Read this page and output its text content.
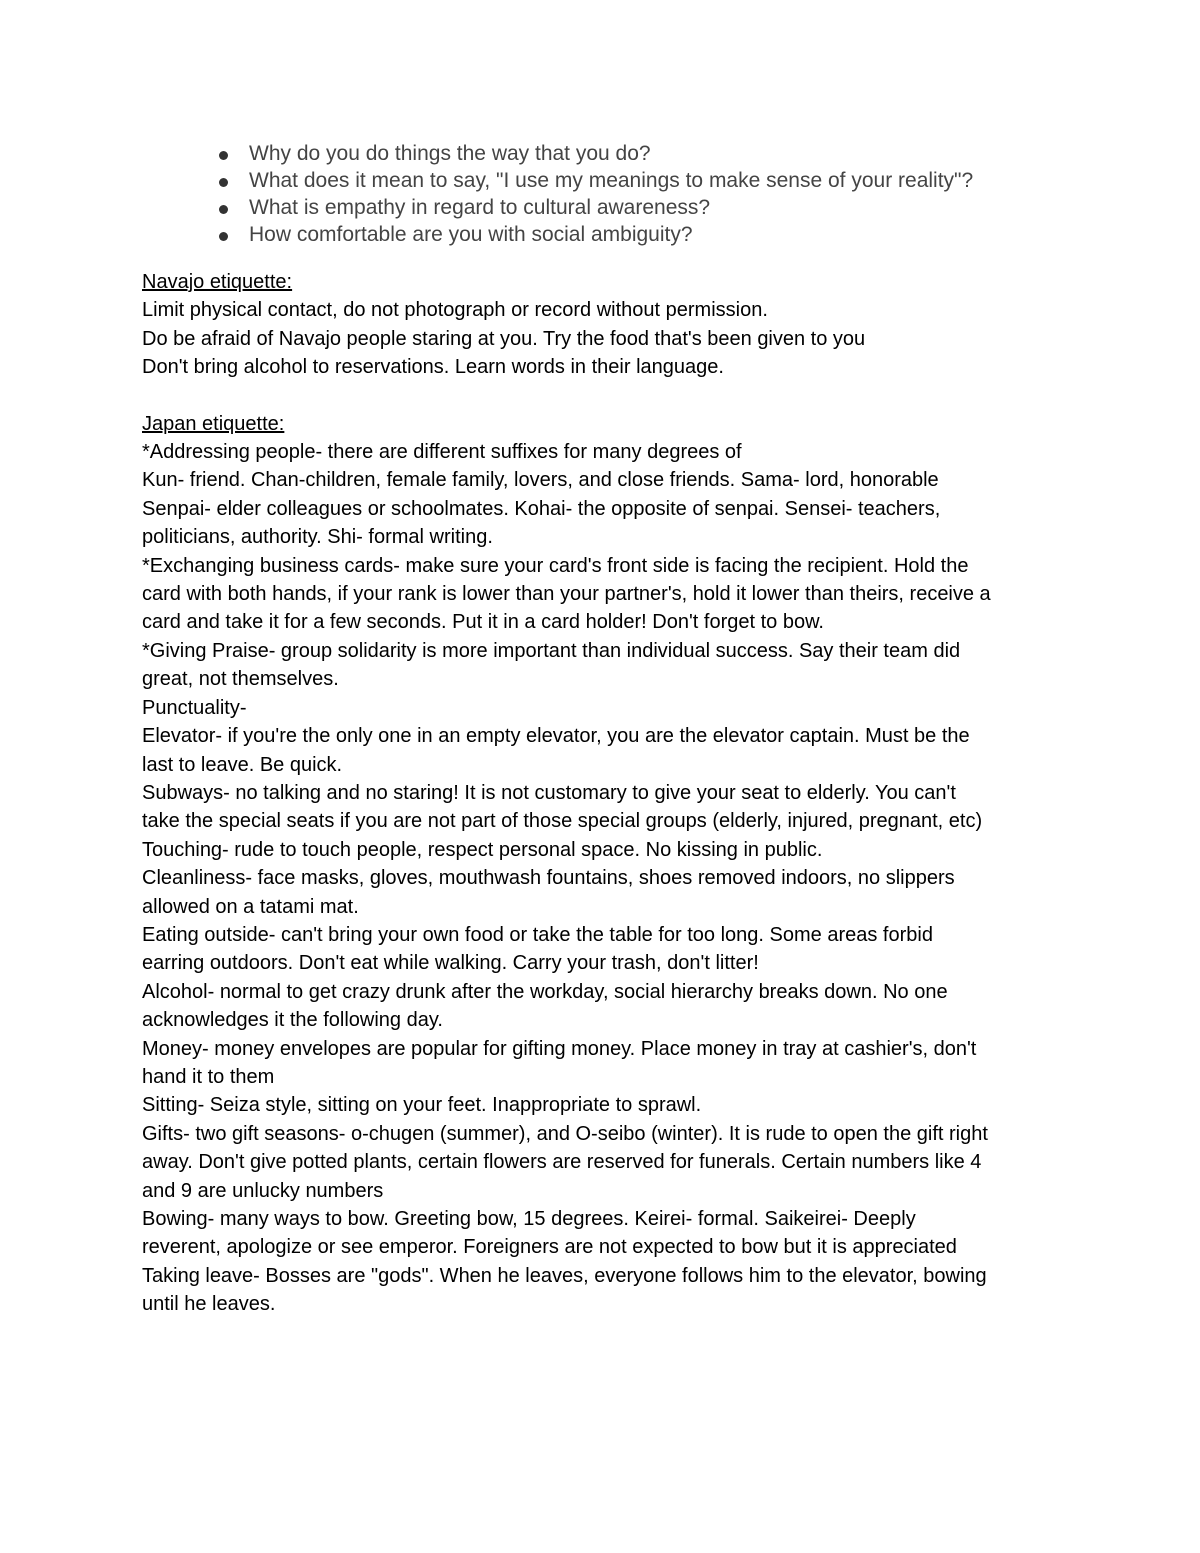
Why do you do things the way that you do?
What does it mean to say, "I use my meanings to make sense of your reality"?
What is empathy in regard to cultural awareness?
How comfortable are you with social ambiguity?
Navajo etiquette:
Limit physical contact, do not photograph or record without permission.
Do be afraid of Navajo people staring at you. Try the food that's been given to you
Don't bring alcohol to reservations. Learn words in their language.
Japan etiquette:
*Addressing people- there are different suffixes for many degrees of
Kun- friend. Chan-children, female family, lovers, and close friends. Sama- lord, honorable
Senpai- elder colleagues or schoolmates. Kohai- the opposite of senpai. Sensei- teachers,
politicians, authority. Shi- formal writing.
*Exchanging business cards- make sure your card's front side is facing the recipient. Hold the
card with both hands, if your rank is lower than your partner's, hold it lower than theirs, receive a
card and take it for a few seconds. Put it in a card holder! Don't forget to bow.
*Giving Praise- group solidarity is more important than individual success. Say their team did
great, not themselves.
Punctuality-
Elevator- if you're the only one in an empty elevator, you are the elevator captain. Must be the
last to leave. Be quick.
Subways- no talking and no staring! It is not customary to give your seat to elderly. You can't
take the special seats if you are not part of those special groups (elderly, injured, pregnant, etc)
Touching- rude to touch people, respect personal space. No kissing in public.
Cleanliness- face masks, gloves, mouthwash fountains, shoes removed indoors, no slippers
allowed on a tatami mat.
Eating outside- can't bring your own food or take the table for too long. Some areas forbid
earring outdoors. Don't eat while walking. Carry your trash, don't litter!
Alcohol- normal to get crazy drunk after the workday, social hierarchy breaks down. No one
acknowledges it the following day.
Money- money envelopes are popular for gifting money. Place money in tray at cashier's, don't
hand it to them
Sitting- Seiza style, sitting on your feet. Inappropriate to sprawl.
Gifts- two gift seasons- o-chugen (summer), and O-seibo (winter). It is rude to open the gift right
away. Don't give potted plants, certain flowers are reserved for funerals. Certain numbers like 4
and 9 are unlucky numbers
Bowing- many ways to bow. Greeting bow, 15 degrees. Keirei- formal. Saikeirei- Deeply
reverent, apologize or see emperor. Foreigners are not expected to bow but it is appreciated
Taking leave- Bosses are "gods". When he leaves, everyone follows him to the elevator, bowing
until he leaves.
